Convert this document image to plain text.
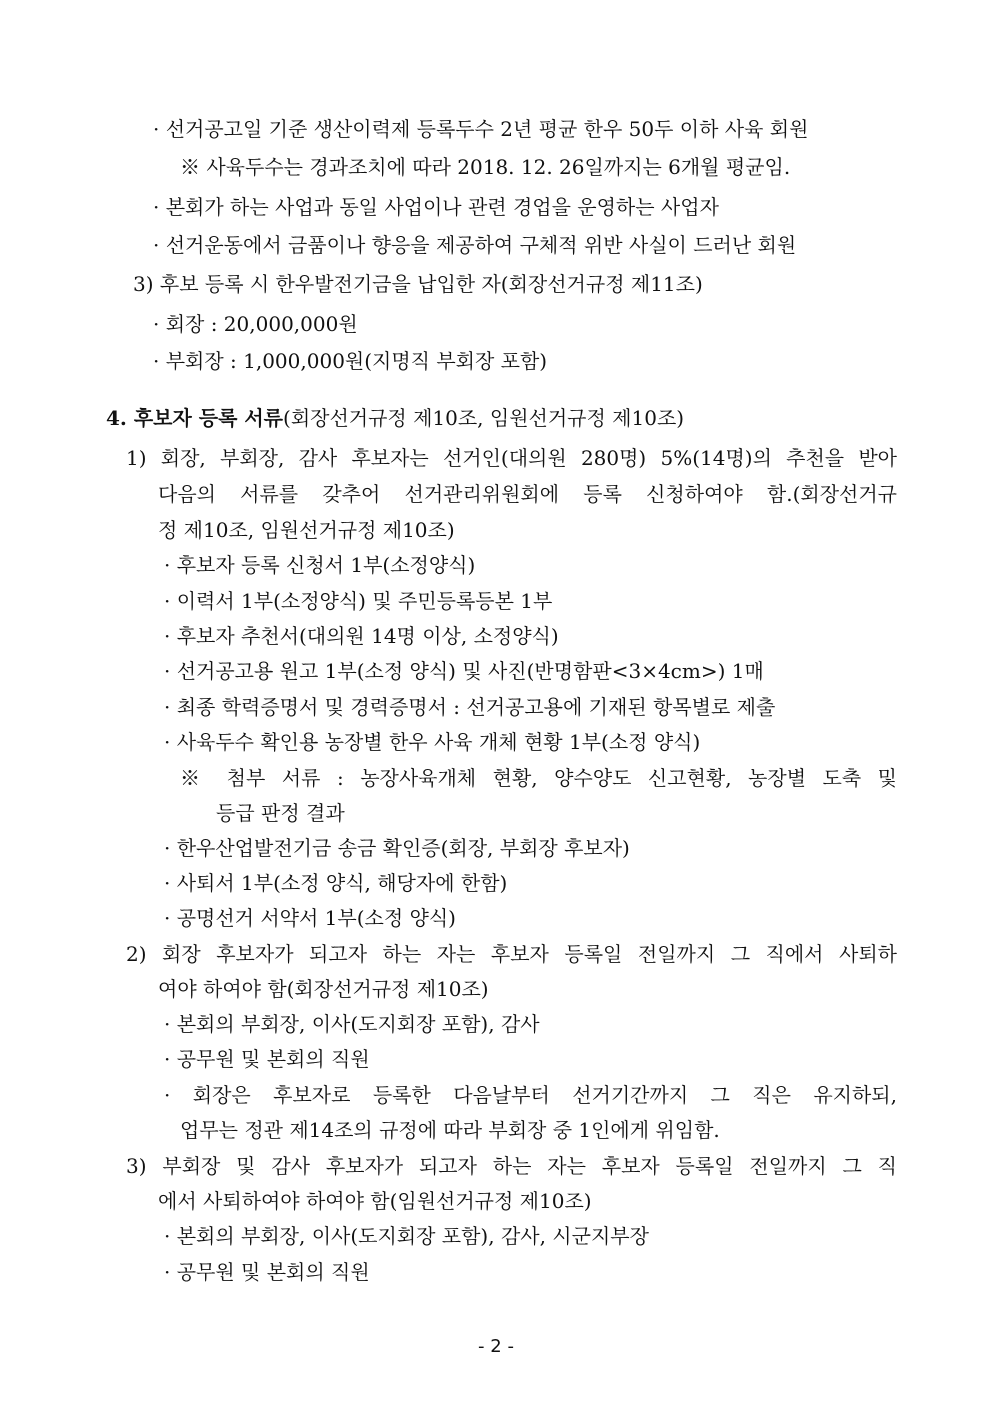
· 선거공고일 기준 생산이력제 등록두수 2년 평균 한우 50두 이하 사육 회원
※ 사육두수는 경과조치에 따라 2018. 12. 26일까지는 6개월 평균임.
· 본회가 하는 사업과 동일 사업이나 관련 경업을 운영하는 사업자
· 선거운동에서 금품이나 향응을 제공하여 구체적 위반 사실이 드러난 회원
3) 후보 등록 시 한우발전기금을 납입한 자(회장선거규정 제11조)
· 회장 : 20,000,000원
· 부회장 : 1,000,000원(지명직 부회장 포함)
4. 후보자 등록 서류(회장선거규정 제10조, 임원선거규정 제10조)
1) 회장, 부회장, 감사 후보자는 선거인(대의원 280명) 5%(14명)의 추천을 받아
다음의 서류를 갖추어 선거관리위원회에 등록 신청하여야 함.(회장선거규
정 제10조, 임원선거규정 제10조)
· 후보자 등록 신청서 1부(소정양식)
· 이력서 1부(소정양식) 및 주민등록등본 1부
· 후보자 추천서(대의원 14명 이상, 소정양식)
· 선거공고용 원고 1부(소정 양식) 및 사진(반명함판<3×4cm>) 1매
· 최종 학력증명서 및 경력증명서 : 선거공고용에 기재된 항목별로 제출
· 사육두수 확인용 농장별 한우 사육 개체 현황 1부(소정 양식)
※ 첨부 서류 : 농장사육개체 현황, 양수양도 신고현황, 농장별 도축 및
등급 판정 결과
· 한우산업발전기금 송금 확인증(회장, 부회장 후보자)
· 사퇴서 1부(소정 양식, 해당자에 한함)
· 공명선거 서약서 1부(소정 양식)
2) 회장 후보자가 되고자 하는 자는 후보자 등록일 전일까지 그 직에서 사퇴하
여야 하여야 함(회장선거규정 제10조)
· 본회의 부회장, 이사(도지회장 포함), 감사
· 공무원 및 본회의 직원
· 회장은 후보자로 등록한 다음날부터 선거기간까지 그 직은 유지하되,
업무는 정관 제14조의 규정에 따라 부회장 중 1인에게 위임함.
3) 부회장 및 감사 후보자가 되고자 하는 자는 후보자 등록일 전일까지 그 직
에서 사퇴하여야 하여야 함(임원선거규정 제10조)
· 본회의 부회장, 이사(도지회장 포함), 감사, 시군지부장
· 공무원 및 본회의 직원
- 2 -
